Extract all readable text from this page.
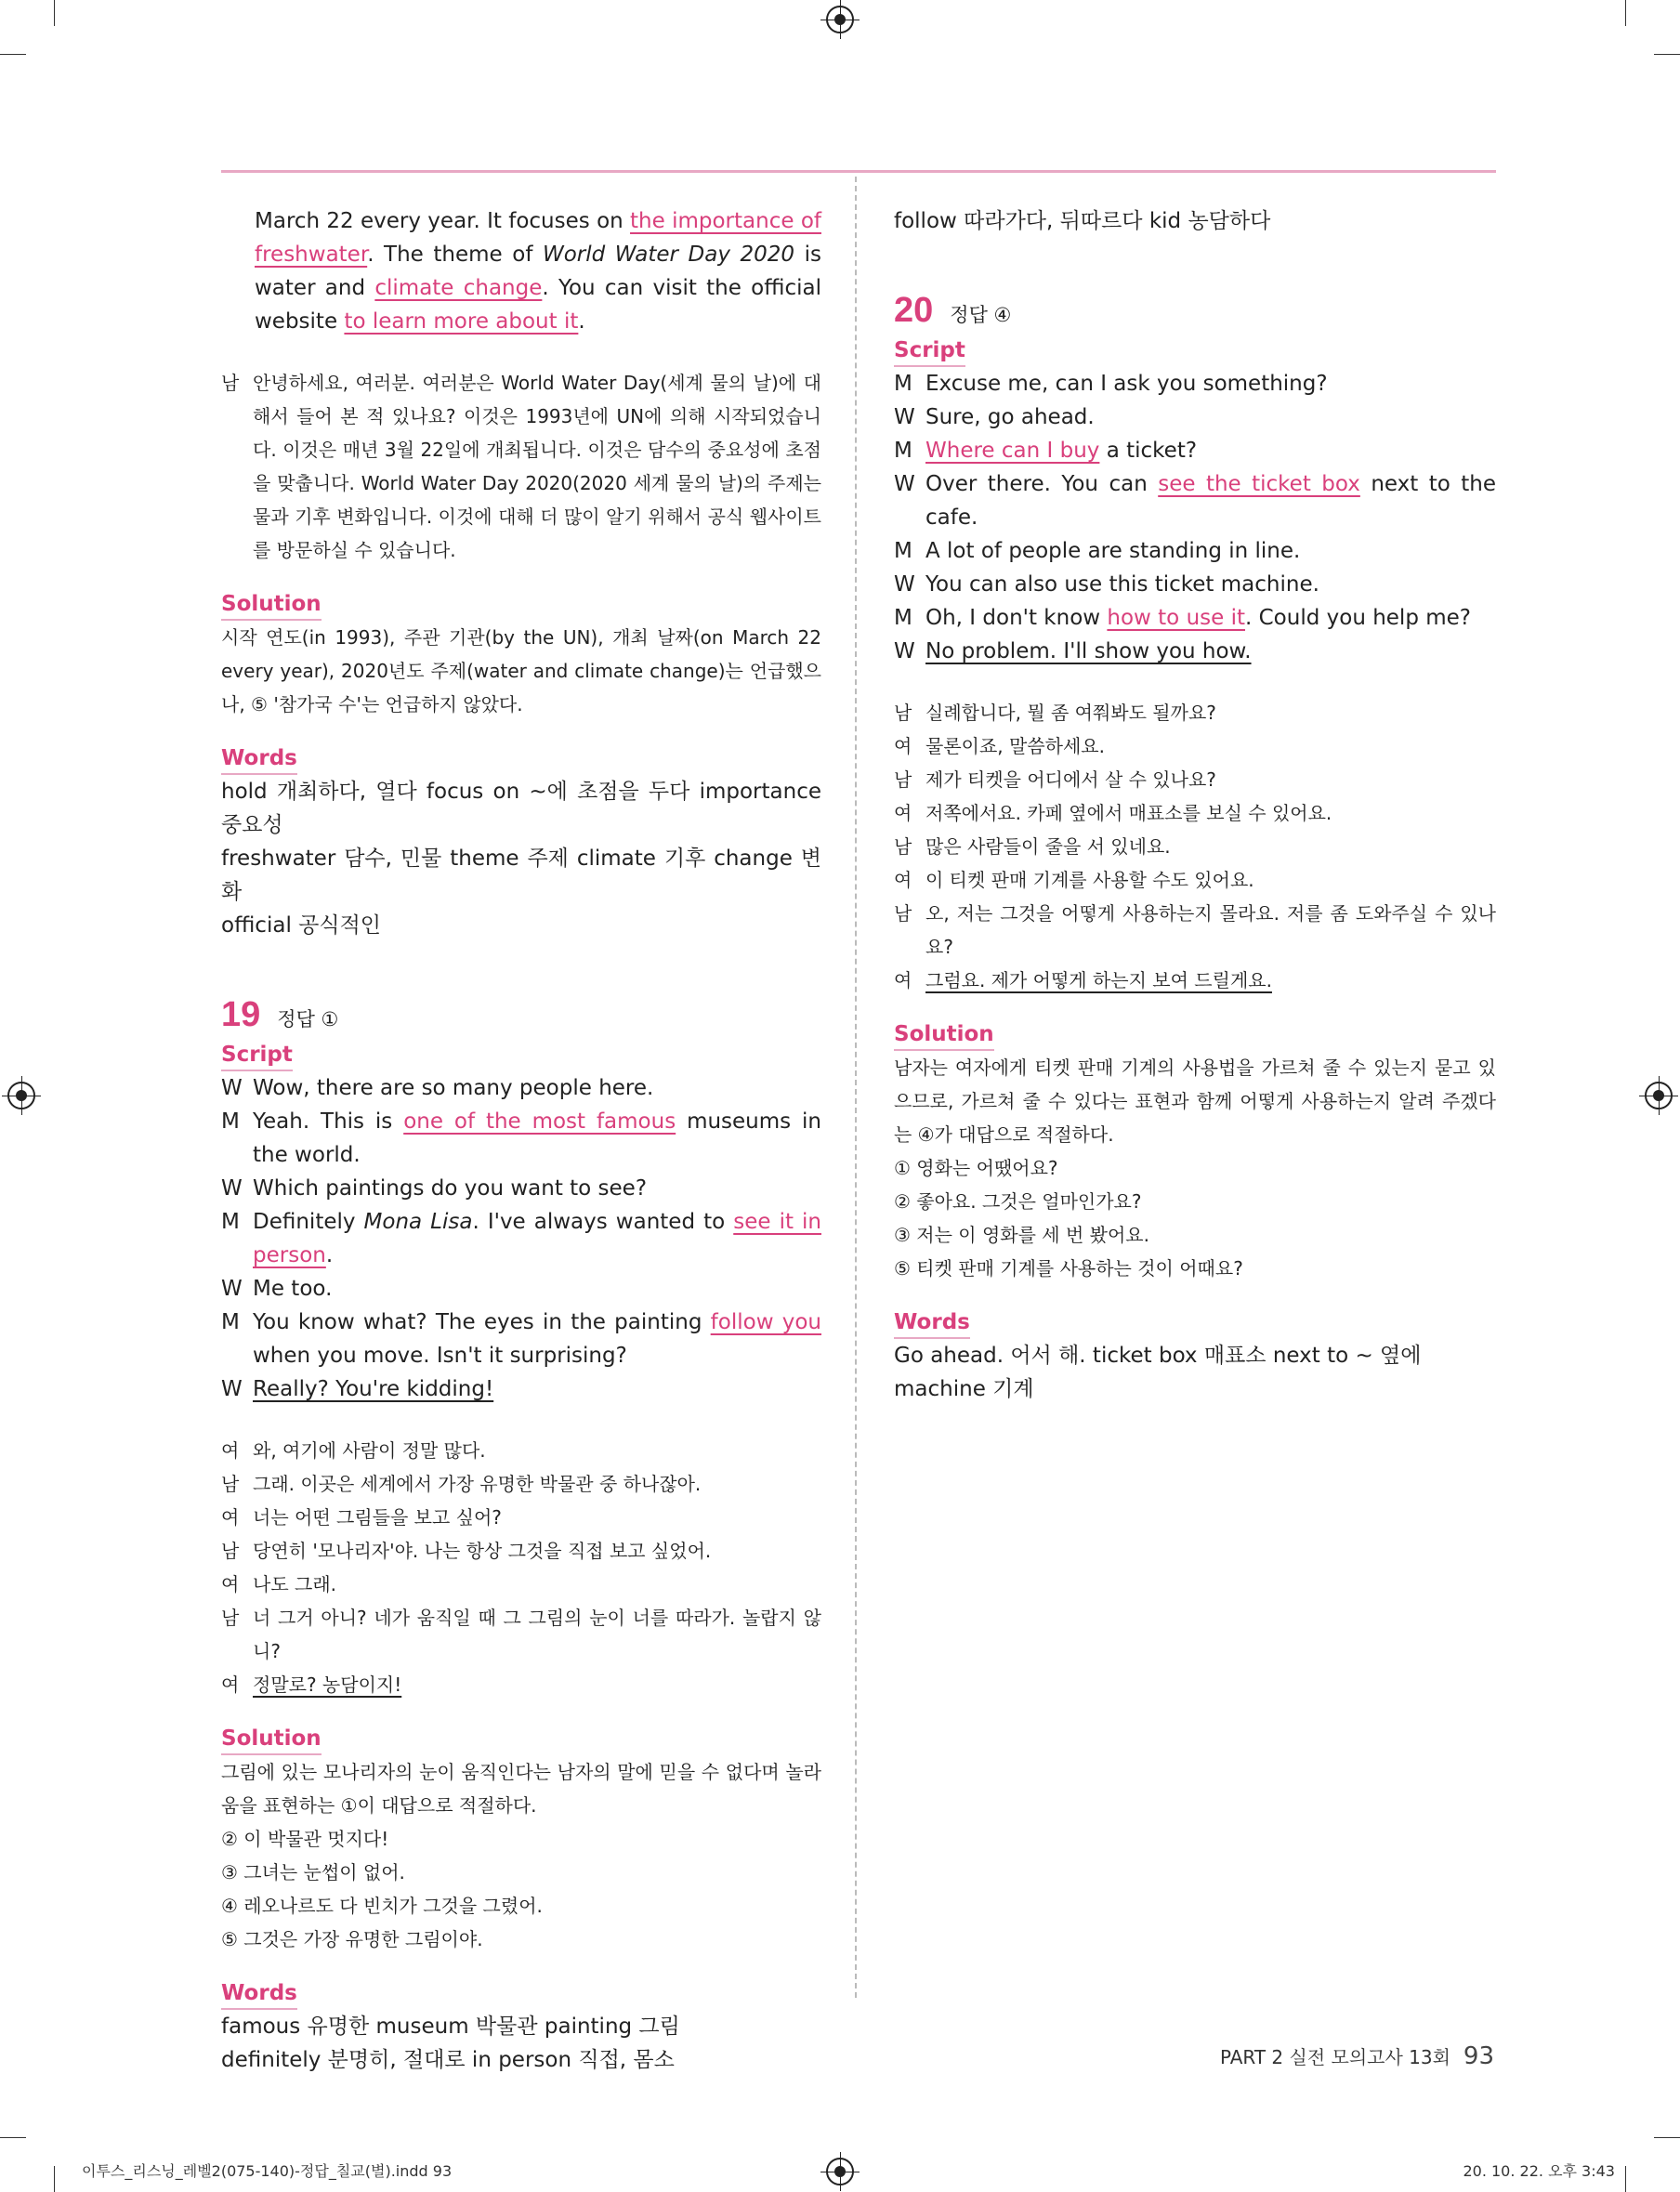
March 22 every year. It focuses on the importance of freshwater. The theme of World Water Day 2020 is water and climate change. You can visit the official website to learn more about it.

남 안녕하세요, 여러분. 여러분은 World Water Day(세계 물의 날)에 대해서 들어 본 적 있나요? 이것은 1993년에 UN에 의해 시작되었습니다. 이것은 매년 3월 22일에 개최됩니다. 이것은 담수의 중요성에 초점을 맞춥니다. World Water Day 2020(2020 세계 물의 날)의 주제는 물과 기후 변화입니다. 이것에 대해 더 많이 알기 위해서 공식 웹사이트를 방문하실 수 있습니다.
Solution

시작 연도(in 1993), 주관 기관(by the UN), 개최 날짜(on March 22 every year), 2020년도 주제(water and climate change)는 언급했으나, ⑤ '참가국 수'는 언급하지 않았다.

Words

hold 개최하다, 열다 focus on ~에 초점을 두다 importance 중요성

freshwater 담수, 민물 theme 주제 climate 기후 change 변화

official 공식적인

19 정답 ①
Script
W Wow, there are so many people here.
M Yeah. This is one of the most famous museums in the world.
W Which paintings do you want to see?
M Definitely Mona Lisa. I've always wanted to see it in person.
W Me too.
M You know what? The eyes in the painting follow you when you move. Isn't it surprising?
W Really? You're kidding!
여 와, 여기에 사람이 정말 많다.
남 그래. 이곳은 세계에서 가장 유명한 박물관 중 하나잖아.
여 너는 어떤 그림들을 보고 싶어?
남 당연히 '모나리자'야. 나는 항상 그것을 직접 보고 싶었어.
여 나도 그래.
남 너 그거 아니? 네가 움직일 때 그 그림의 눈이 너를 따라가. 놀랍지 않니?
여 정말로? 농담이지!
Solution

그림에 있는 모나리자의 눈이 움직인다는 남자의 말에 믿을 수 없다며 놀라움을 표현하는 ①이 대답으로 적절하다.

② 이 박물관 멋지다!

③ 그녀는 눈썹이 없어.

④ 레오나르도 다 빈치가 그것을 그렸어.

⑤ 그것은 가장 유명한 그림이야.

Words

famous 유명한 museum 박물관 painting 그림

definitely 분명히, 절대로 in person 직접, 몸소

follow 따라가다, 뒤따르다 kid 농담하다

20 정답 ④
Script
M Excuse me, can I ask you something?
W Sure, go ahead.
M Where can I buy a ticket?
W Over there. You can see the ticket box next to the cafe.
M A lot of people are standing in line.
W You can also use this ticket machine.
M Oh, I don't know how to use it. Could you help me?
W No problem. I'll show you how.
남 실례합니다, 뭘 좀 여쭤봐도 될까요?
여 물론이죠, 말씀하세요.
남 제가 티켓을 어디에서 살 수 있나요?
여 저쪽에서요. 카페 옆에서 매표소를 보실 수 있어요.
남 많은 사람들이 줄을 서 있네요.
여 이 티켓 판매 기계를 사용할 수도 있어요.
남 오, 저는 그것을 어떻게 사용하는지 몰라요. 저를 좀 도와주실 수 있나요?
여 그럼요. 제가 어떻게 하는지 보여 드릴게요.
Solution

남자는 여자에게 티켓 판매 기계의 사용법을 가르쳐 줄 수 있는지 묻고 있으므로, 가르쳐 줄 수 있다는 표현과 함께 어떻게 사용하는지 알려 주겠다는 ④가 대답으로 적절하다.

① 영화는 어땠어요?

② 좋아요. 그것은 얼마인가요?

③ 저는 이 영화를 세 번 봤어요.

⑤ 티켓 판매 기계를 사용하는 것이 어때요?

Words

Go ahead. 어서 해. ticket box 매표소 next to ~ 옆에

machine 기계

PART 2 실전 모의고사 13회 93
이투스_리스닝_레벨2(075-140)-정답_칠교(별).indd 93	20. 10. 22. 오후 3:43
